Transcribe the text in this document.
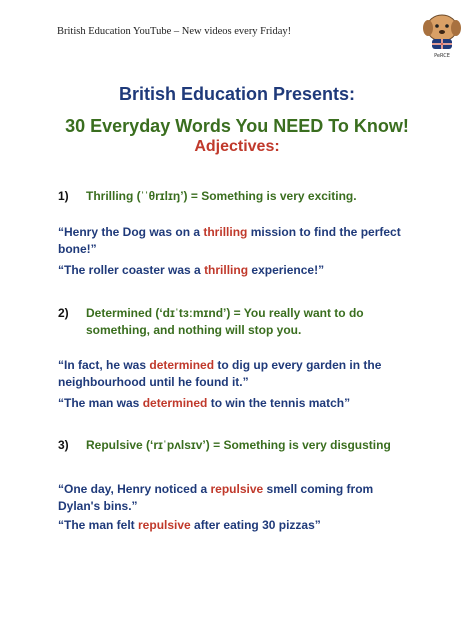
British Education YouTube – New videos every Friday!
PeRCE
British Education Presents:
30 Everyday Words You NEED To Know!
Adjectives:
1) Thrilling (ˈˈθrɪlɪŋ’) = Something is very exciting.
“Henry the Dog was on a thrilling mission to find the perfect bone!”
“The roller coaster was a thrilling experience!”
2) Determined (‘dɪˈtɜːmɪnd’) = You really want to do something, and nothing will stop you.
“In fact, he was determined to dig up every garden in the neighbourhood until he found it.”
“The man was determined to win the tennis match”
3) Repulsive (‘rɪˈpʌlsɪv’) = Something is very disgusting
“One day, Henry noticed a repulsive smell coming from Dylan's bins.”
“The man felt repulsive after eating 30 pizzas”
